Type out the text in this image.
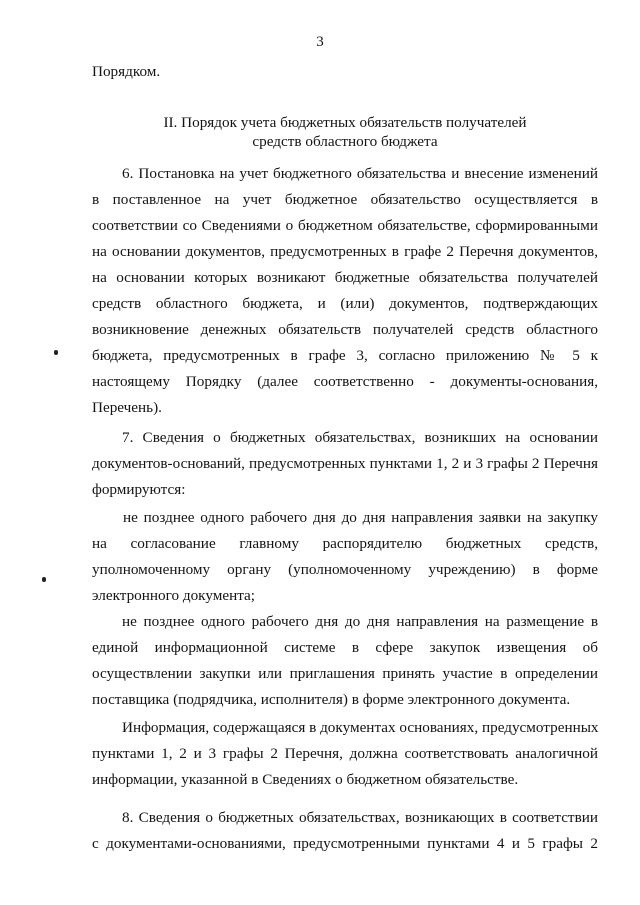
3
Порядком.
II. Порядок учета бюджетных обязательств получателей
средств областного бюджета
6. Постановка на учет бюджетного обязательства и внесение изменений
в поставленное на учет бюджетное обязательство осуществляется в
соответствии со Сведениями о бюджетном обязательстве, сформированными
на основании документов, предусмотренных в графе 2 Перечня документов,
на основании которых возникают бюджетные обязательства получателей
средств областного бюджета, и (или) документов, подтверждающих
возникновение денежных обязательств получателей средств областного
бюджета, предусмотренных в графе 3, согласно приложению № 5 к
настоящему Порядку (далее соответственно - документы-основания,
Перечень).
7. Сведения о бюджетных обязательствах, возникших на основании
документов-оснований, предусмотренных пунктами 1, 2 и 3 графы 2 Перечня
формируются:
не позднее одного рабочего дня до дня направления заявки на закупку
на согласование главному распорядителю бюджетных средств,
уполномоченному органу (уполномоченному учреждению) в форме
электронного документа;
не позднее одного рабочего дня до дня направления на размещение в
единой информационной системе в сфере закупок извещения об
осуществлении закупки или приглашения принять участие в определении
поставщика (подрядчика, исполнителя) в форме электронного документа.
Информация, содержащаяся в документах основаниях, предусмотренных
пунктами 1, 2 и 3 графы 2 Перечня, должна соответствовать аналогичной
информации, указанной в Сведениях о бюджетном обязательстве.
8. Сведения о бюджетных обязательствах, возникающих в соответствии
с документами-основаниями, предусмотренными пунктами 4 и 5 графы 2
